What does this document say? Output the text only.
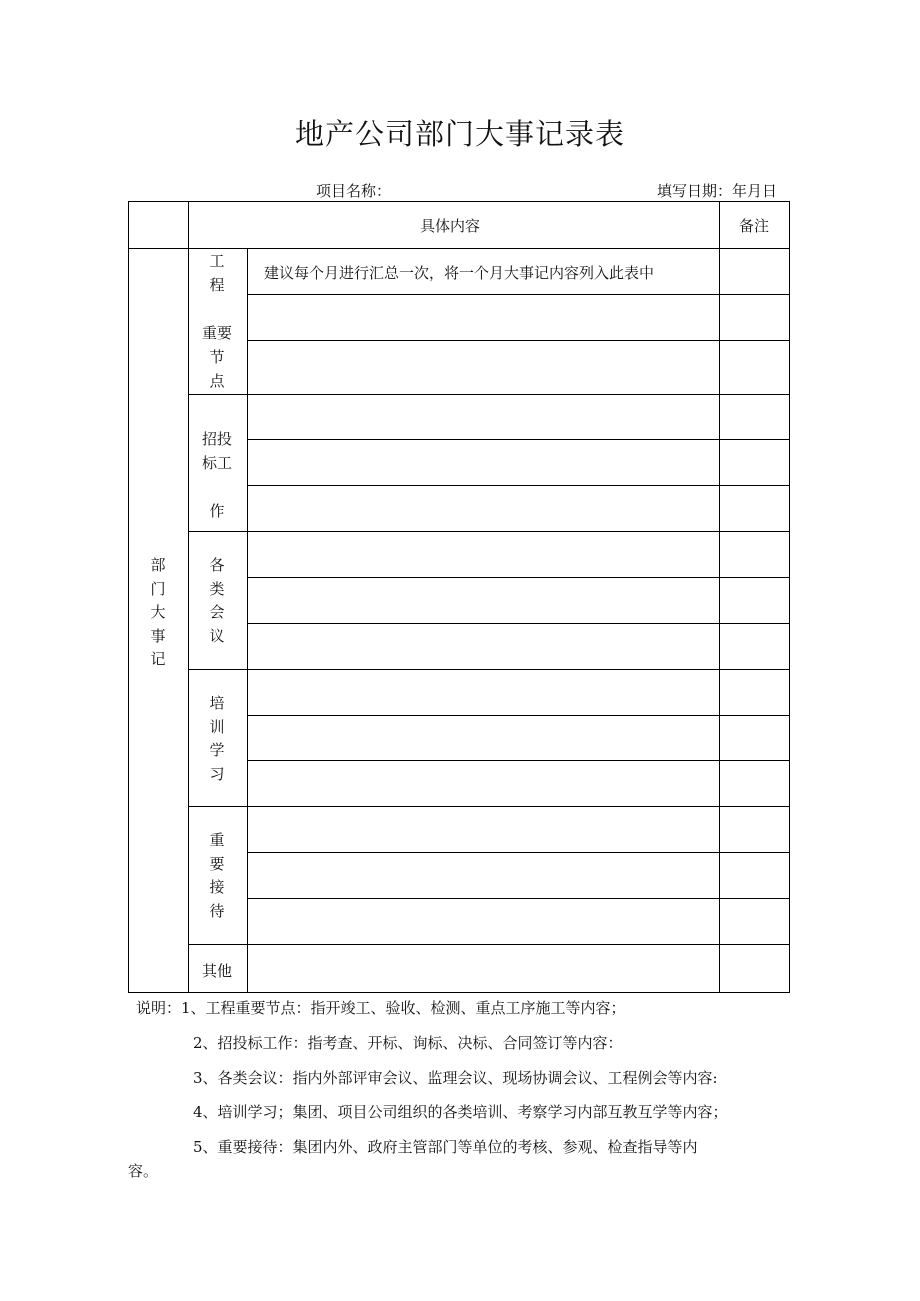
地产公司部门大事记录表
项目名称：	填写日期：年月日
具体内容	备注
部
门
大
事
记
工
程

重要
节
点
招投
标工

作
各
类
会
议
培
训
学
习
重
要
接
待
其他
建议每个月进行汇总一次，将一个月大事记内容列入此表中
说明：1、工程重要节点：指开竣工、验收、检测、重点工序施工等内容；
2、招投标工作：指考查、开标、询标、决标、合同签订等内容：
3、各类会议：指内外部评审会议、监理会议、现场协调会议、工程例会等内容:
4、培训学习；集团、项目公司组织的各类培训、考察学习内部互教互学等内容；
5、重要接待：集团内外、政府主管部门等单位的考核、参观、检查指导等内
容。
